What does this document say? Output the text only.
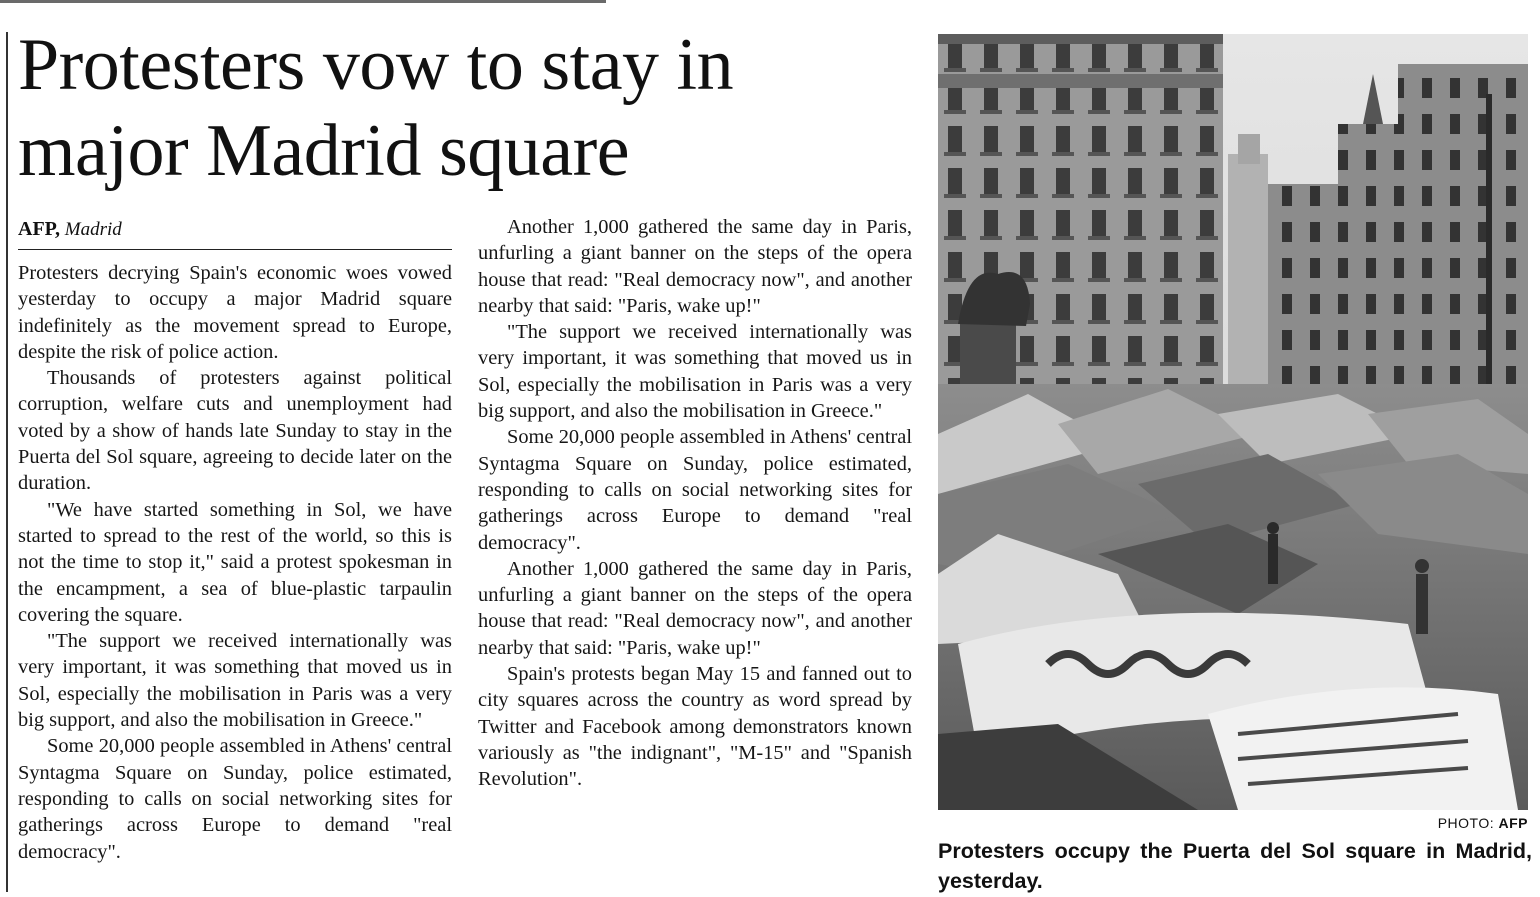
Protesters vow to stay in major Madrid square
AFP, Madrid

Protesters decrying Spain's economic woes vowed yesterday to occupy a major Madrid square indefinitely as the movement spread to Europe, despite the risk of police action.

Thousands of protesters against political corruption, welfare cuts and unemployment had voted by a show of hands late Sunday to stay in the Puerta del Sol square, agreeing to decide later on the duration.

"We have started something in Sol, we have started to spread to the rest of the world, so this is not the time to stop it," said a protest spokesman in the encampment, a sea of blue-plastic tarpaulin covering the square.

"The support we received internationally was very important, it was something that moved us in Sol, especially the mobilisation in Paris was a very big support, and also the mobilisation in Greece."

Some 20,000 people assembled in Athens' central Syntagma Square on Sunday, police estimated, responding to calls on social networking sites for gatherings across Europe to demand "real democracy".

Another 1,000 gathered the same day in Paris, unfurling a giant banner on the steps of the opera house that read: "Real democracy now", and another nearby that said: "Paris, wake up!"

"The support we received internationally was very important, it was something that moved us in Sol, especially the mobilisation in Paris was a very big support, and also the mobilisation in Greece."

Some 20,000 people assembled in Athens' central Syntagma Square on Sunday, police estimated, responding to calls on social networking sites for gatherings across Europe to demand "real democracy".

Another 1,000 gathered the same day in Paris, unfurling a giant banner on the steps of the opera house that read: "Real democracy now", and another nearby that said: "Paris, wake up!"

Spain's protests began May 15 and fanned out to city squares across the country as word spread by Twitter and Facebook among demonstrators known variously as "the indignant", "M-15" and "Spanish Revolution".

PHOTO: AFP
Protesters occupy the Puerta del Sol square in Madrid, yesterday.
